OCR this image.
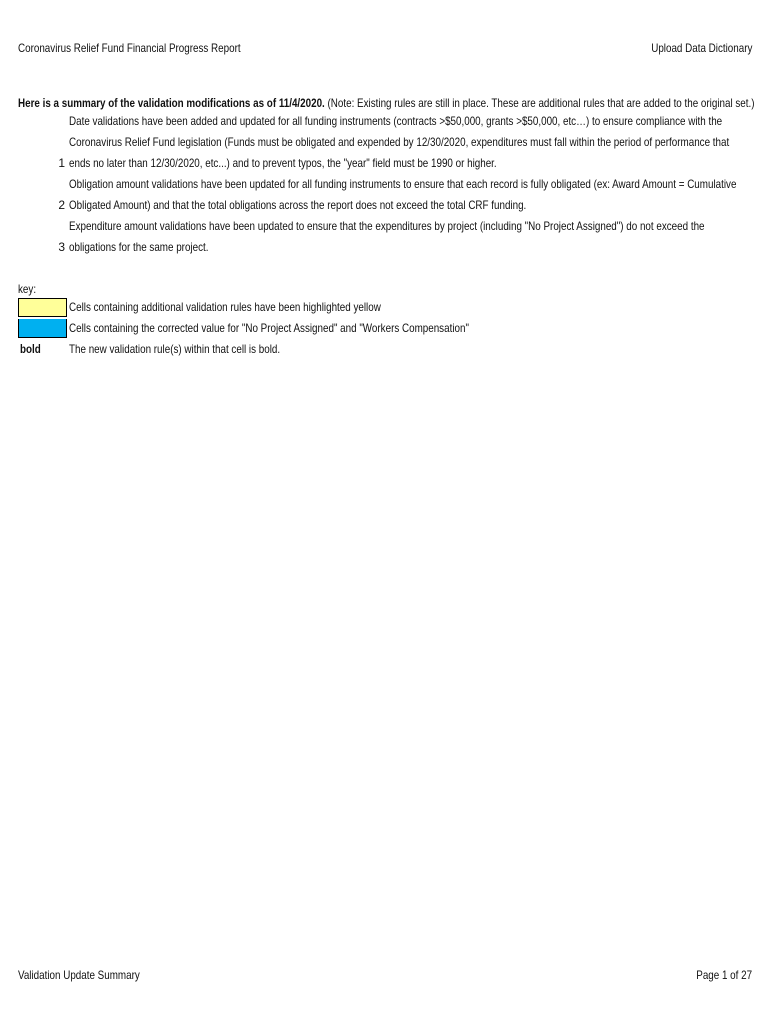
Coronavirus Relief Fund Financial Progress Report	Upload Data Dictionary
Here is a summary of the validation modifications as of 11/4/2020. (Note: Existing rules are still in place. These are additional rules that are added to the original set.)
Date validations have been added and updated for all funding instruments (contracts >$50,000, grants >$50,000, etc…) to ensure compliance with the
Coronavirus Relief Fund legislation (Funds must be obligated and expended by 12/30/2020, expenditures must fall within the period of performance that
1 ends no later than 12/30/2020, etc...) and to prevent typos, the "year" field must be 1990 or higher.
Obligation amount validations have been updated for all funding instruments to ensure that each record is fully obligated (ex: Award Amount = Cumulative
2 Obligated Amount) and that the total obligations across the report does not exceed the total CRF funding.
Expenditure amount validations have been updated to ensure that the expenditures by project (including "No Project Assigned") do not exceed the
3 obligations for the same project.
key:
Cells containing additional validation rules have been highlighted yellow
Cells containing the corrected value for "No Project Assigned" and "Workers Compensation"
bold	The new validation rule(s) within that cell is bold.
Validation Update Summary	Page 1 of 27
